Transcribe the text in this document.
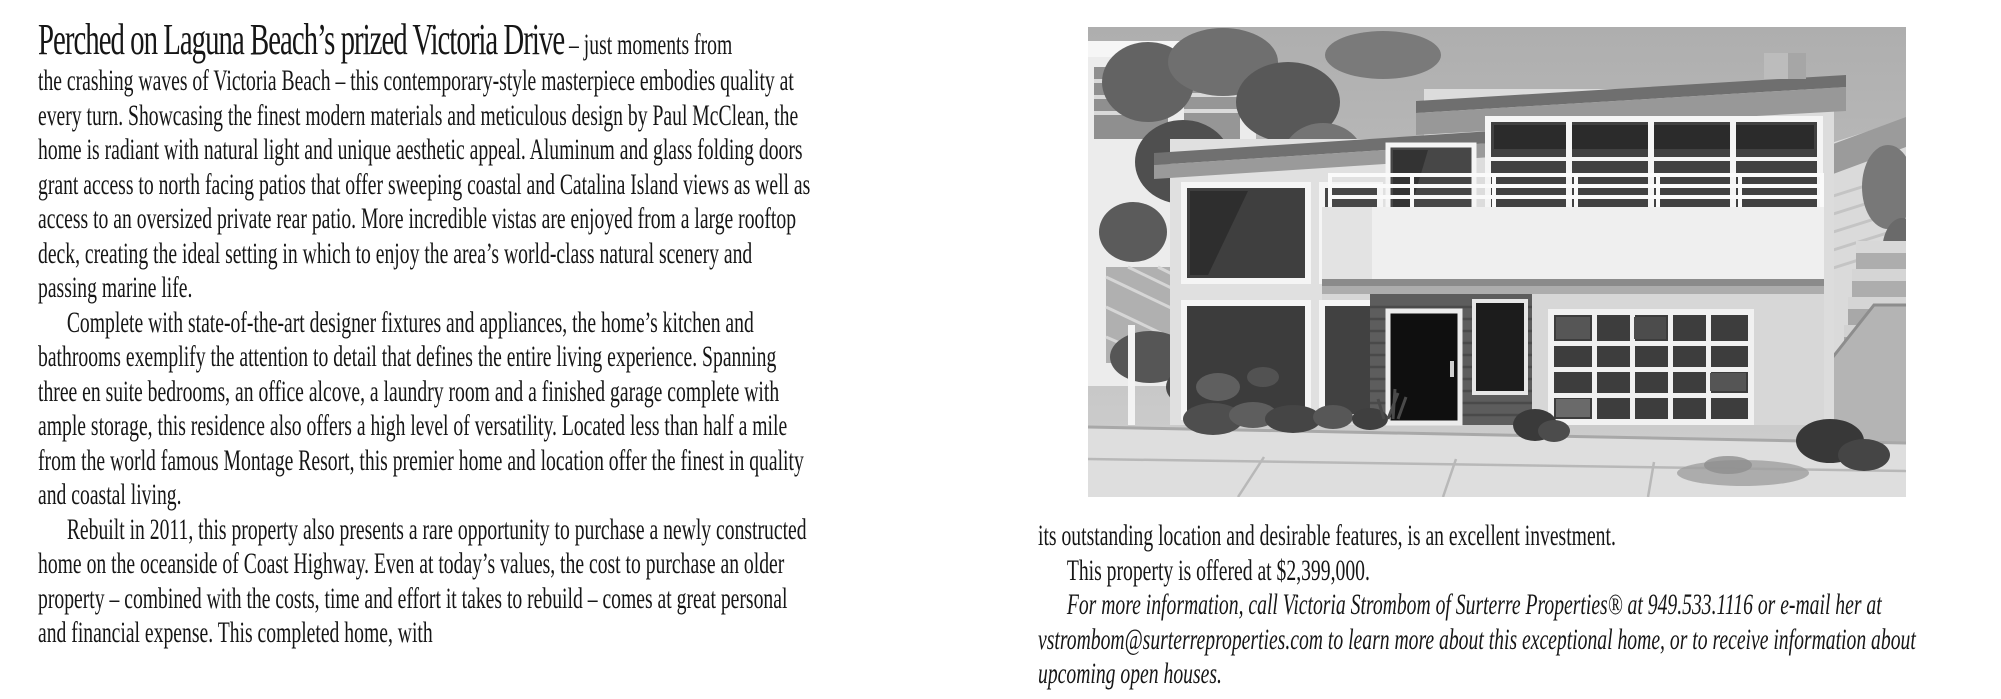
Perched on Laguna Beach’s prized Victoria Drive – just moments from

the crashing waves of Victoria Beach – this contemporary-style masterpiece embodies quality at every turn. Showcasing the finest modern materials and meticulous design by Paul McClean, the home is radiant with natural light and unique aesthetic appeal. Aluminum and glass folding doors grant access to north facing patios that offer sweeping coastal and Catalina Island views as well as access to an oversized private rear patio. More incredible vistas are enjoyed from a large rooftop deck, creating the ideal setting in which to enjoy the area’s world-class natural scenery and passing marine life.

Complete with state-of-the-art designer fixtures and appliances, the home’s kitchen and bathrooms exemplify the attention to detail that defines the entire living experience. Spanning three en suite bedrooms, an office alcove, a laundry room and a finished garage complete with ample storage, this residence also offers a high level of versatility. Located less than half a mile from the world famous Montage Resort, this premier home and location offer the finest in quality and coastal living.

Rebuilt in 2011, this property also presents a rare opportunity to purchase a newly constructed home on the oceanside of Coast Highway. Even at today’s values, the cost to purchase an older property – combined with the costs, time and effort it takes to rebuild – comes at great personal and financial expense. This completed home, with

its outstanding location and desirable features, is an excellent investment.

This property is offered at $2,399,000.

For more information, call Victoria Strombom of Surterre Properties® at 949.533.1116 or e-mail her at vstrombom@surterreproperties.com to learn more about this exceptional home, or to receive information about upcoming open houses.
